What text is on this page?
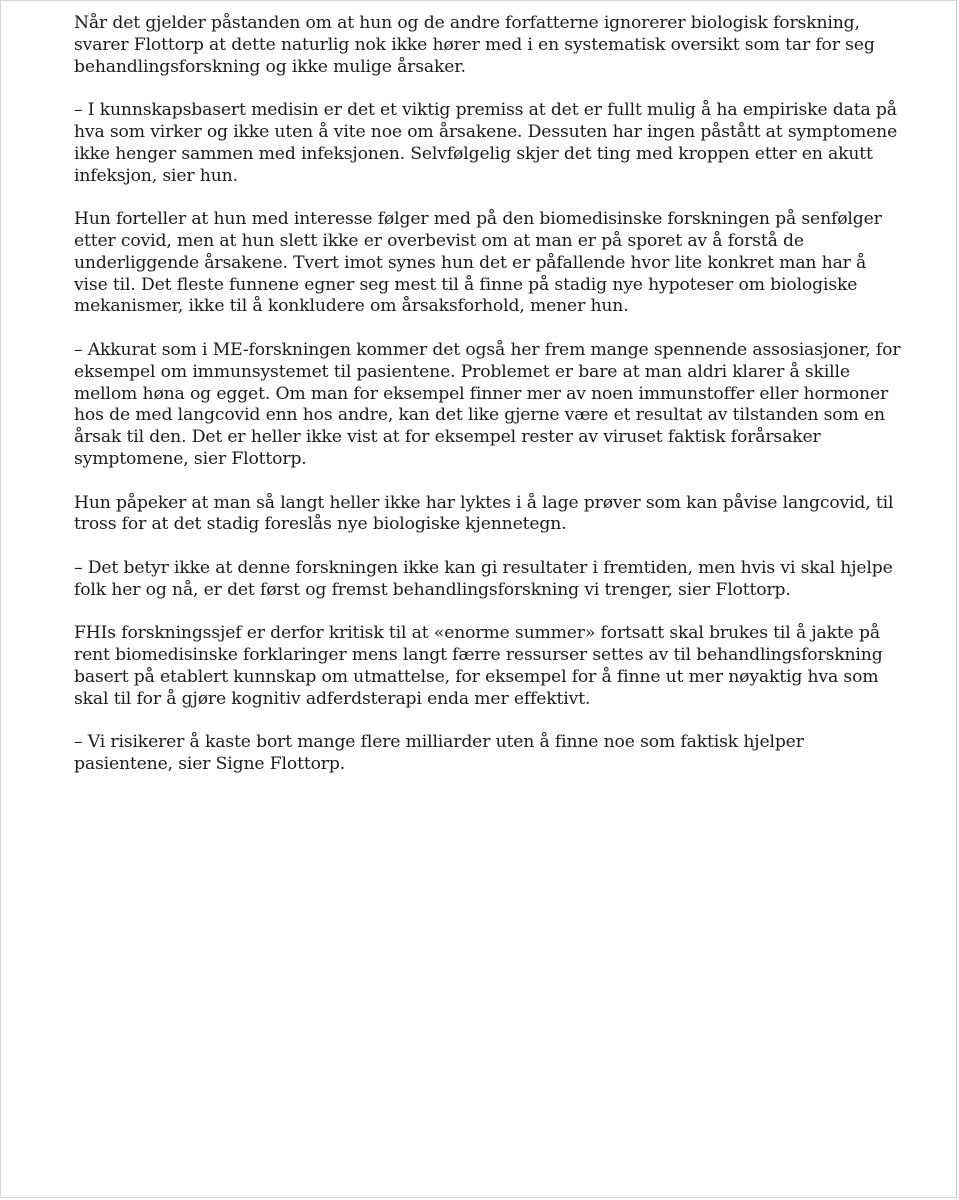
Når det gjelder påstanden om at hun og de andre forfatterne ignorerer biologisk forskning, svarer Flottorp at dette naturlig nok ikke hører med i en systematisk oversikt som tar for seg behandlingsforskning og ikke mulige årsaker.

– I kunnskapsbasert medisin er det et viktig premiss at det er fullt mulig å ha empiriske data på hva som virker og ikke uten å vite noe om årsakene. Dessuten har ingen påstått at symptomene ikke henger sammen med infeksjonen. Selvfølgelig skjer det ting med kroppen etter en akutt infeksjon, sier hun.

Hun forteller at hun med interesse følger med på den biomedisinske forskningen på senfølger etter covid, men at hun slett ikke er overbevist om at man er på sporet av å forstå de underliggende årsakene. Tvert imot synes hun det er påfallende hvor lite konkret man har å vise til. Det fleste funnene egner seg mest til å finne på stadig nye hypoteser om biologiske mekanismer, ikke til å konkludere om årsaksforhold, mener hun.

– Akkurat som i ME-forskningen kommer det også her frem mange spennende assosiasjoner, for eksempel om immunsystemet til pasientene. Problemet er bare at man aldri klarer å skille mellom høna og egget. Om man for eksempel finner mer av noen immunstoffer eller hormoner hos de med langcovid enn hos andre, kan det like gjerne være et resultat av tilstanden som en årsak til den. Det er heller ikke vist at for eksempel rester av viruset faktisk forårsaker symptomene, sier Flottorp.

Hun påpeker at man så langt heller ikke har lyktes i å lage prøver som kan påvise langcovid, til tross for at det stadig foreslås nye biologiske kjennetegn.

– Det betyr ikke at denne forskningen ikke kan gi resultater i fremtiden, men hvis vi skal hjelpe folk her og nå, er det først og fremst behandlingsforskning vi trenger, sier Flottorp.

FHIs forskningssjef er derfor kritisk til at «enorme summer» fortsatt skal brukes til å jakte på rent biomedisinske forklaringer mens langt færre ressurser settes av til behandlingsforskning basert på etablert kunnskap om utmattelse, for eksempel for å finne ut mer nøyaktig hva som skal til for å gjøre kognitiv adferdsterapi enda mer effektivt.

– Vi risikerer å kaste bort mange flere milliarder uten å finne noe som faktisk hjelper pasientene, sier Signe Flottorp.
